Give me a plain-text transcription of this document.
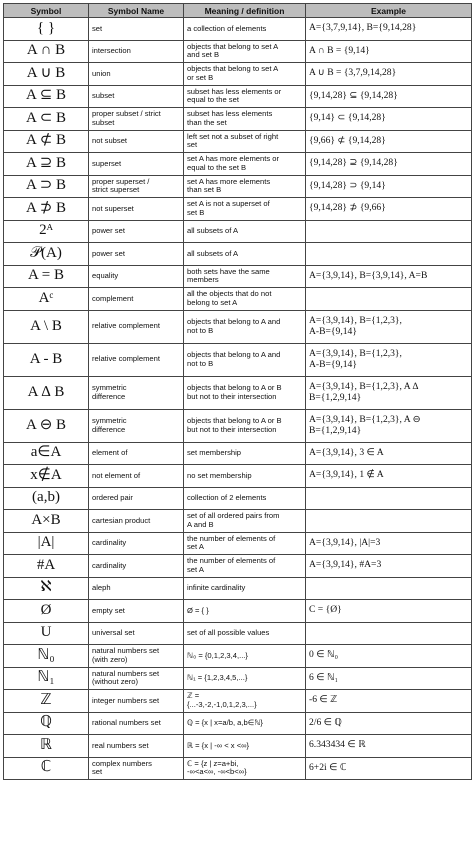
Symbol	Symbol Name	Meaning / definition	Example
{ }	set	a collection of elements	A={3,7,9,14}, B={9,14,28}

A ∩ B	intersection	objects that belong to set A
and set B	A ∩ B = {9,14}

A ∪ B	union	objects that belong to set A
or set B	A ∪ B = {3,7,9,14,28}

A ⊆ B	subset	subset has less elements or
equal to the set	{9,14,28} ⊆ {9,14,28}

A ⊂ B	proper subset / strict
subset	subset has less elements
than the set	{9,14} ⊂ {9,14,28}

A ⊄ B	not subset	left set not a subset of right
set	{9,66} ⊄ {9,14,28}

A ⊇ B	superset	set A has more elements or
equal to the set B	{9,14,28} ⊇ {9,14,28}

A ⊃ B	proper superset /
strict superset	set A has more elements
than set B	{9,14,28} ⊃ {9,14}

A ⊅ B	not superset	set A is not a superset of
set B	{9,14,28} ⊅ {9,66}

2ᴬ	power set	all subsets of A	

𝒫(A)	power set	all subsets of A	

A = B	equality	both sets have the same
members	A={3,9,14}, B={3,9,14}, A=B

Aᶜ	complement	all the objects that do not
belong to set A	

A \ B	relative complement	objects that belong to A and
not to B	A={3,9,14}, B={1,2,3},
A-B={9,14}

A - B	relative complement	objects that belong to A and
not to B	A={3,9,14}, B={1,2,3},
A-B={9,14}

A ∆ B	symmetric
difference	objects that belong to A or B
but not to their intersection	A={3,9,14}, B={1,2,3}, A ∆
B={1,2,9,14}

A ⊖ B	symmetric
difference	objects that belong to A or B
but not to their intersection	A={3,9,14}, B={1,2,3}, A ⊖
B={1,2,9,14}

a∈A	element of	set membership	A={3,9,14}, 3 ∈ A

x∉A	not element of	no set membership	A={3,9,14}, 1 ∉ A

(a,b)	ordered pair	collection of 2 elements	

A×B	cartesian product	set of all ordered pairs from
A and B	

|A|	cardinality	the number of elements of
set A	A={3,9,14}, |A|=3

#A	cardinality	the number of elements of
set A	A={3,9,14}, #A=3

ℵ	aleph	infinite cardinality	

Ø	empty set	Ø = { }	C = {Ø}

U	universal set	set of all possible values	

ℕ₀	natural numbers set
(with zero)	ℕ₀ = {0,1,2,3,4,...}	0 ∈ ℕ₀

ℕ₁	natural numbers set
(without zero)	ℕ₁ = {1,2,3,4,5,...}	6 ∈ ℕ₁

ℤ	integer numbers set	ℤ =
{...-3,-2,-1,0,1,2,3,...}	-6 ∈ ℤ

ℚ	rational numbers set	ℚ = {x | x=a/b, a,b∈ℕ}	2/6 ∈ ℚ

ℝ	real numbers set	ℝ = {x | -∞ < x <∞}	6.343434 ∈ ℝ

ℂ	complex numbers
set	ℂ = {z | z=a+bi,
-∞<a<∞, -∞<b<∞}	6+2i ∈ ℂ
